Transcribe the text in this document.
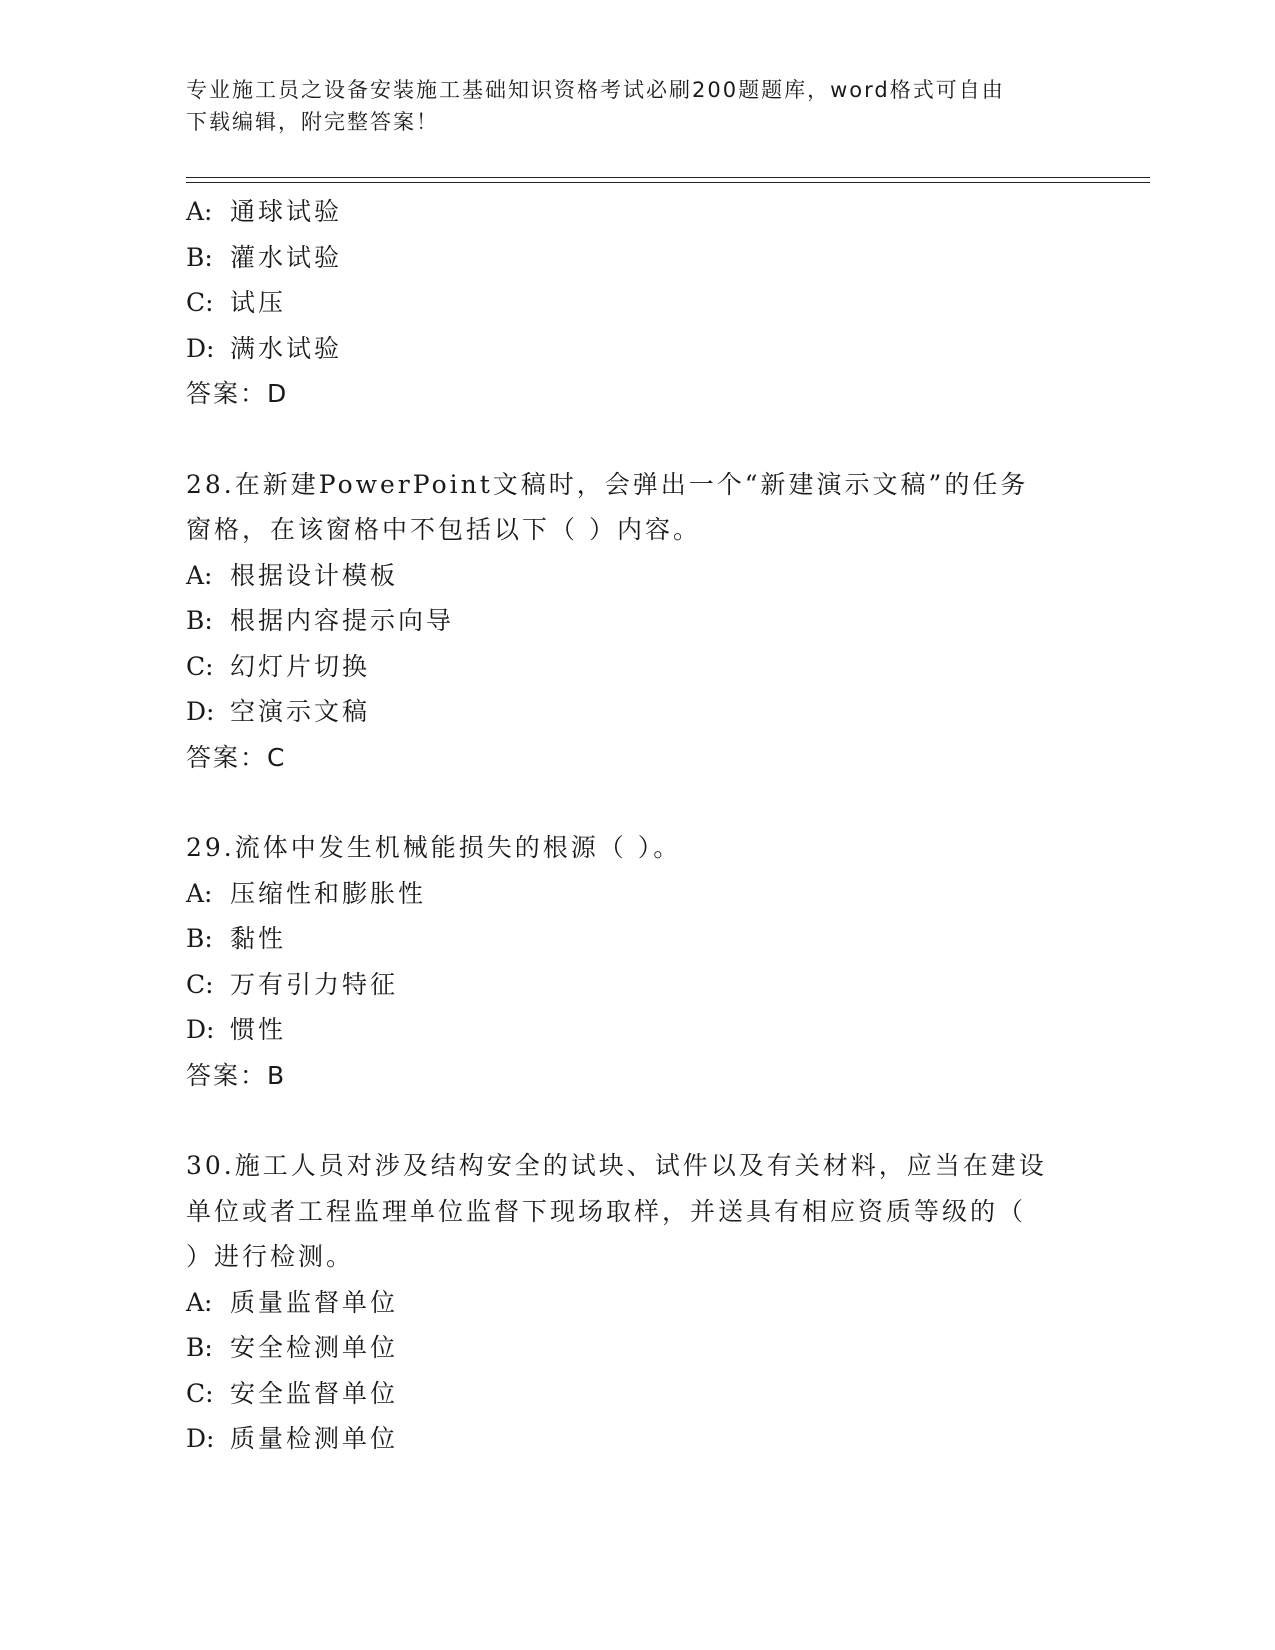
专业施工员之设备安装施工基础知识资格考试必刷200题题库，word格式可自由
下载编辑，附完整答案！
A: 通球试验
B: 灌水试验
C: 试压
D: 满水试验
答案：D
28.在新建PowerPoint文稿时，会弹出一个“新建演示文稿”的任务
窗格，在该窗格中不包括以下（ ）内容。
A: 根据设计模板
B: 根据内容提示向导
C: 幻灯片切换
D: 空演示文稿
答案：C
29.流体中发生机械能损失的根源（ ）。
A: 压缩性和膨胀性
B: 黏性
C: 万有引力特征
D: 惯性
答案：B
30.施工人员对涉及结构安全的试块、试件以及有关材料，应当在建设
单位或者工程监理单位监督下现场取样，并送具有相应资质等级的（
）进行检测。
A: 质量监督单位
B: 安全检测单位
C: 安全监督单位
D: 质量检测单位
